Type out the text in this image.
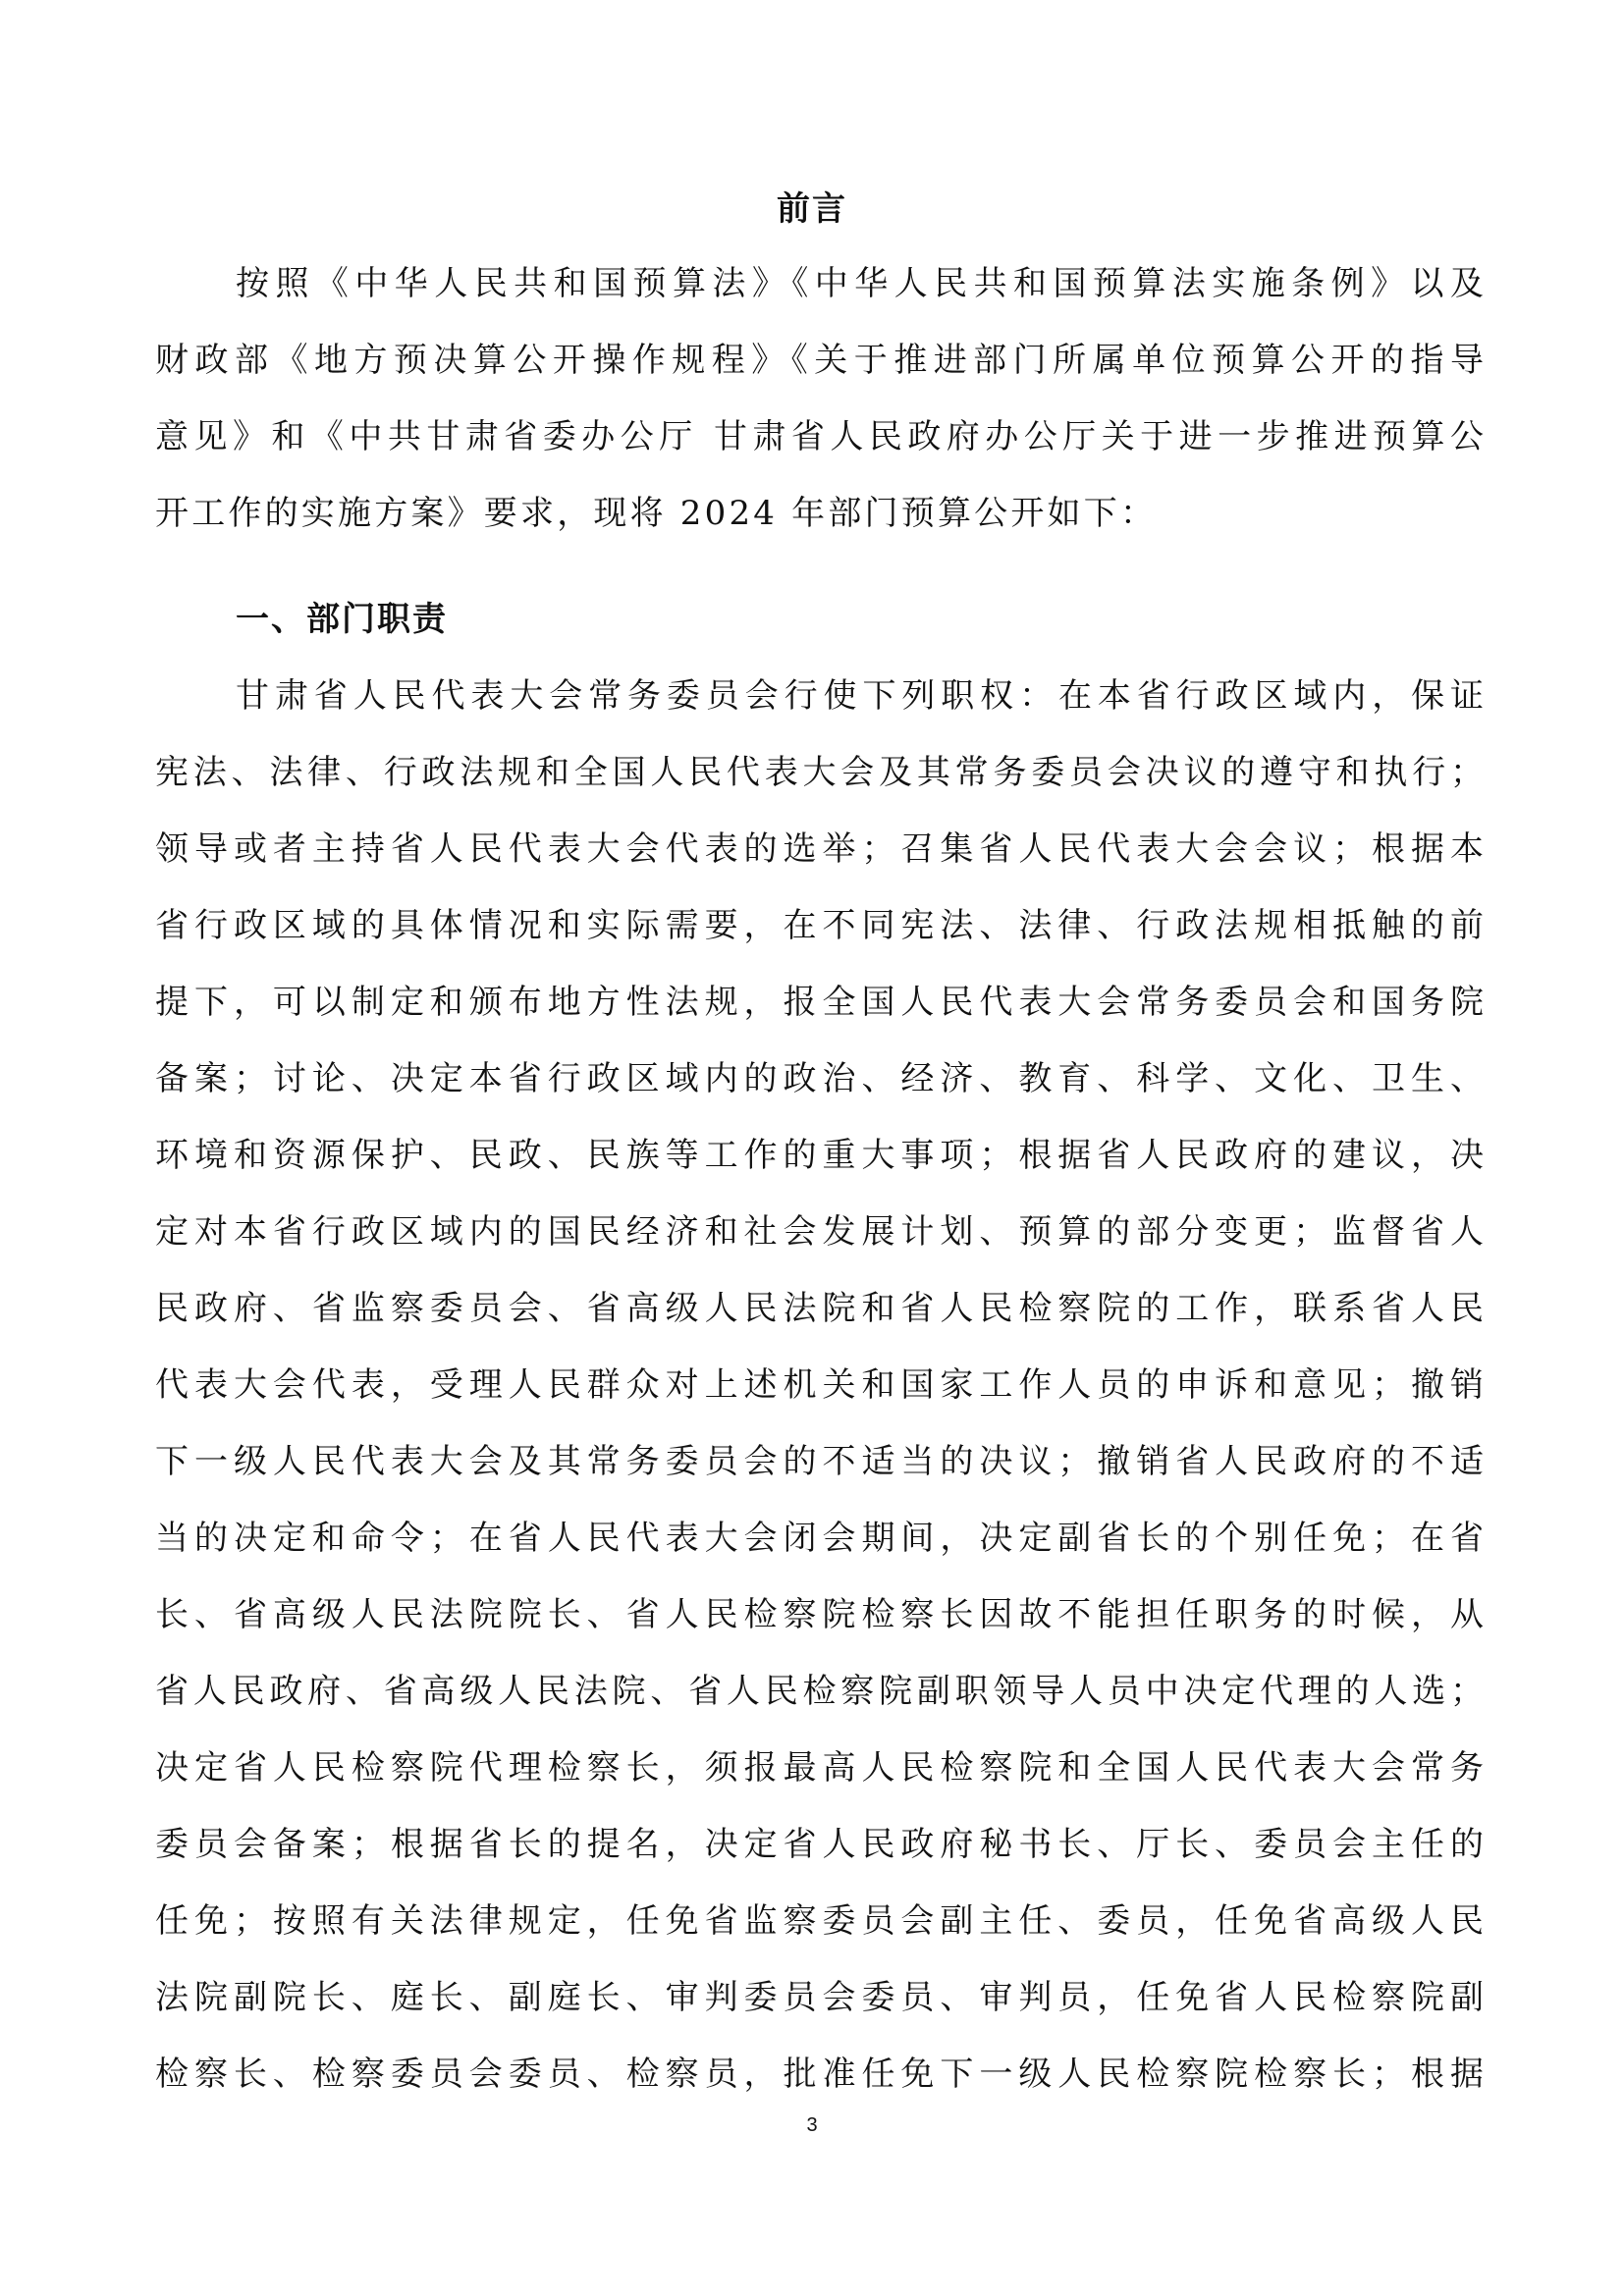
前言
按照《中华人民共和国预算法》《中华人民共和国预算法实施条例》以及
财政部《地方预决算公开操作规程》《关于推进部门所属单位预算公开的指导
意见》和《中共甘肃省委办公厅 甘肃省人民政府办公厅关于进一步推进预算公
开工作的实施方案》要求，现将 2024 年部门预算公开如下：
一、部门职责
甘肃省人民代表大会常务委员会行使下列职权：在本省行政区域内，保证
宪法、法律、行政法规和全国人民代表大会及其常务委员会决议的遵守和执行；
领导或者主持省人民代表大会代表的选举；召集省人民代表大会会议；根据本
省行政区域的具体情况和实际需要，在不同宪法、法律、行政法规相抵触的前
提下，可以制定和颁布地方性法规，报全国人民代表大会常务委员会和国务院
备案；讨论、决定本省行政区域内的政治、经济、教育、科学、文化、卫生、
环境和资源保护、民政、民族等工作的重大事项；根据省人民政府的建议，决
定对本省行政区域内的国民经济和社会发展计划、预算的部分变更；监督省人
民政府、省监察委员会、省高级人民法院和省人民检察院的工作，联系省人民
代表大会代表，受理人民群众对上述机关和国家工作人员的申诉和意见；撤销
下一级人民代表大会及其常务委员会的不适当的决议；撤销省人民政府的不适
当的决定和命令；在省人民代表大会闭会期间，决定副省长的个别任免；在省
长、省高级人民法院院长、省人民检察院检察长因故不能担任职务的时候，从
省人民政府、省高级人民法院、省人民检察院副职领导人员中决定代理的人选；
决定省人民检察院代理检察长，须报最高人民检察院和全国人民代表大会常务
委员会备案；根据省长的提名，决定省人民政府秘书长、厅长、委员会主任的
任免；按照有关法律规定，任免省监察委员会副主任、委员，任免省高级人民
法院副院长、庭长、副庭长、审判委员会委员、审判员，任免省人民检察院副
检察长、检察委员会委员、检察员，批准任免下一级人民检察院检察长；根据
3
